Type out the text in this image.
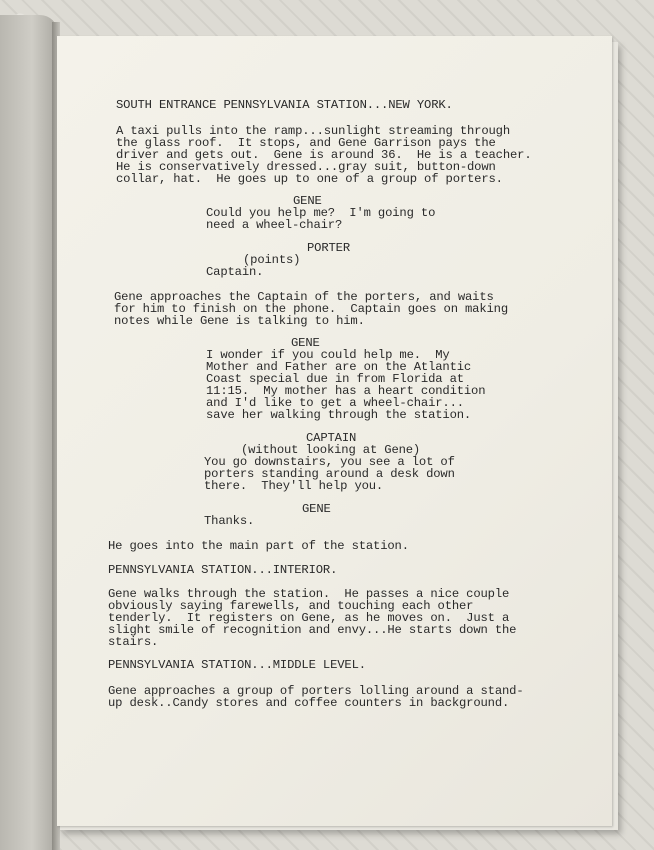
SOUTH ENTRANCE PENNSYLVANIA STATION...NEW YORK.

A taxi pulls into the ramp...sunlight streaming through

the glass roof.  It stops, and Gene Garrison pays the

driver and gets out.  Gene is around 36.  He is a teacher.

He is conservatively dressed...gray suit, button-down

collar, hat.  He goes up to one of a group of porters.

GENE

Could you help me?  I'm going to

need a wheel-chair?

PORTER

(points)

Captain.

Gene approaches the Captain of the porters, and waits

for him to finish on the phone.  Captain goes on making

notes while Gene is talking to him.

GENE

I wonder if you could help me.  My

Mother and Father are on the Atlantic

Coast special due in from Florida at

11:15.  My mother has a heart condition

and I'd like to get a wheel-chair...

save her walking through the station.

CAPTAIN

(without looking at Gene)

You go downstairs, you see a lot of

porters standing around a desk down

there.  They'll help you.

GENE

Thanks.

He goes into the main part of the station.

PENNSYLVANIA STATION...INTERIOR.

Gene walks through the station.  He passes a nice couple

obviously saying farewells, and touching each other

tenderly.  It registers on Gene, as he moves on.  Just a

slight smile of recognition and envy...He starts down the

stairs.

PENNSYLVANIA STATION...MIDDLE LEVEL.

Gene approaches a group of porters lolling around a stand-

up desk..Candy stores and coffee counters in background.
